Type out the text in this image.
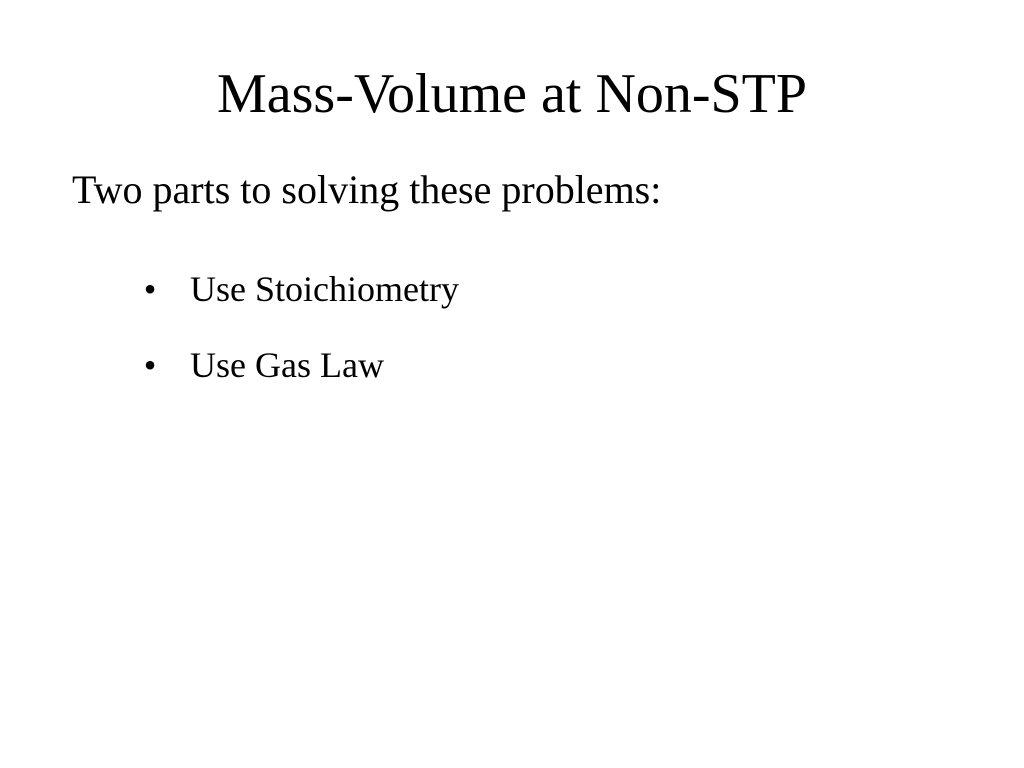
Mass-Volume at Non-STP

Two parts to solving these problems:

• Use Stoichiometry
• Use Gas Law
